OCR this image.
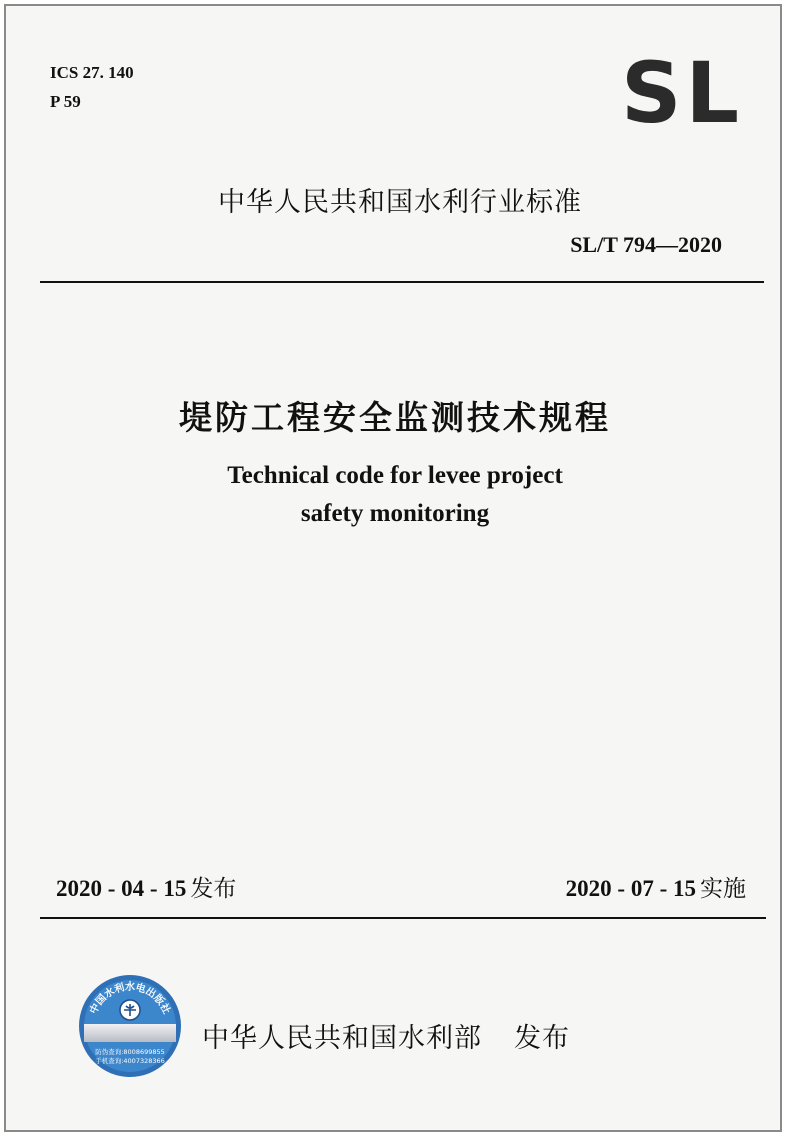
ICS 27. 140
P 59	SL
中华人民共和国水利行业标准
SL/T 794—2020
堤防工程安全监测技术规程
Technical code for levee project
safety monitoring
2020 - 04 - 15 发布	2020 - 07 - 15 实施
中国水利水电出版社
防伪查询:8008699855
手机查询:4007328366
中华人民共和国水利部 发布
